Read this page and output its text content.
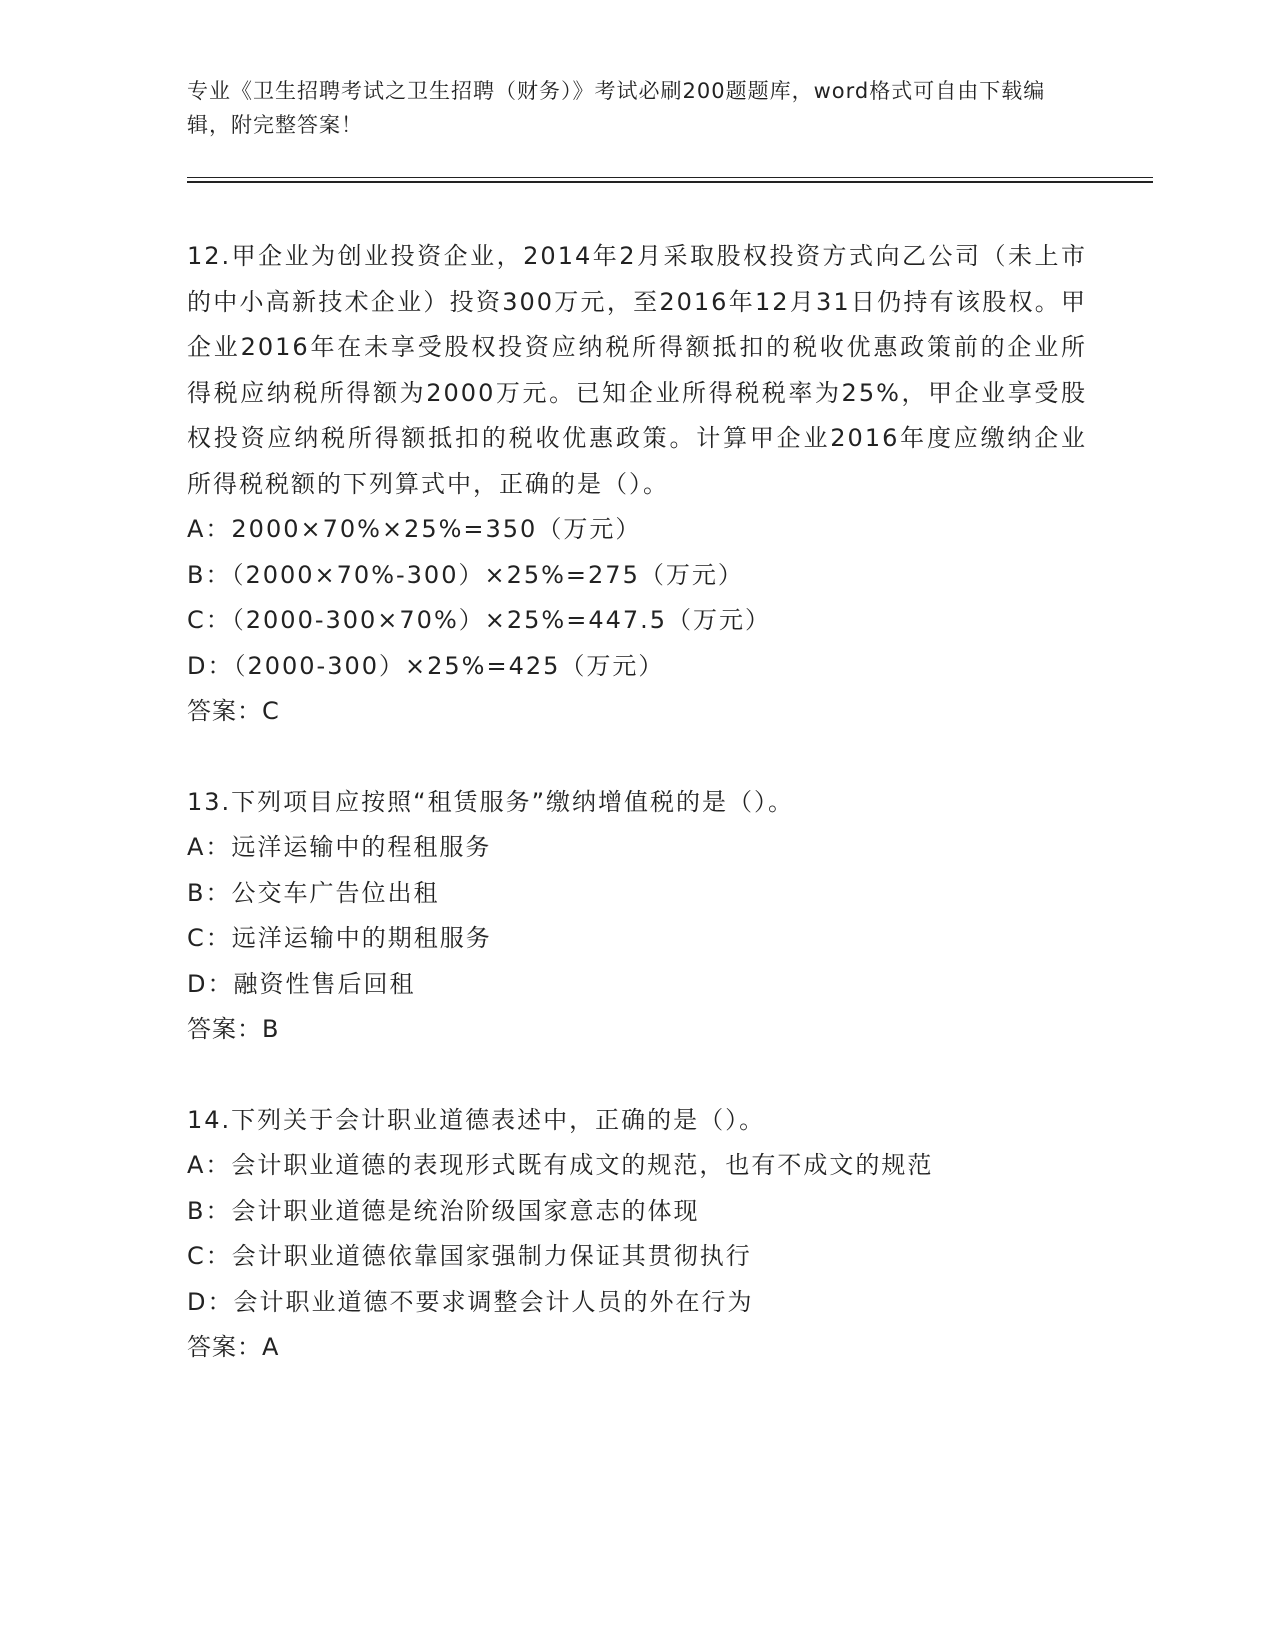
专业《卫生招聘考试之卫生招聘（财务）》考试必刷200题题库，word格式可自由下载编辑，附完整答案！

12.甲企业为创业投资企业，2014年2月采取股权投资方式向乙公司（未上市的中小高新技术企业）投资300万元，至2016年12月31日仍持有该股权。甲企业2016年在未享受股权投资应纳税所得额抵扣的税收优惠政策前的企业所得税应纳税所得额为2000万元。已知企业所得税税率为25%，甲企业享受股权投资应纳税所得额抵扣的税收优惠政策。计算甲企业2016年度应缴纳企业所得税税额的下列算式中，正确的是（）。

A：2000×70%×25%=350（万元）

B：（2000×70%-300）×25%=275（万元）

C：（2000-300×70%）×25%=447.5（万元）

D：（2000-300）×25%=425（万元）

答案：C

13.下列项目应按照“租赁服务”缴纳增值税的是（）。

A：远洋运输中的程租服务

B：公交车广告位出租

C：远洋运输中的期租服务

D：融资性售后回租

答案：B

14.下列关于会计职业道德表述中，正确的是（）。

A：会计职业道德的表现形式既有成文的规范，也有不成文的规范

B：会计职业道德是统治阶级国家意志的体现

C：会计职业道德依靠国家强制力保证其贯彻执行

D：会计职业道德不要求调整会计人员的外在行为

答案：A
